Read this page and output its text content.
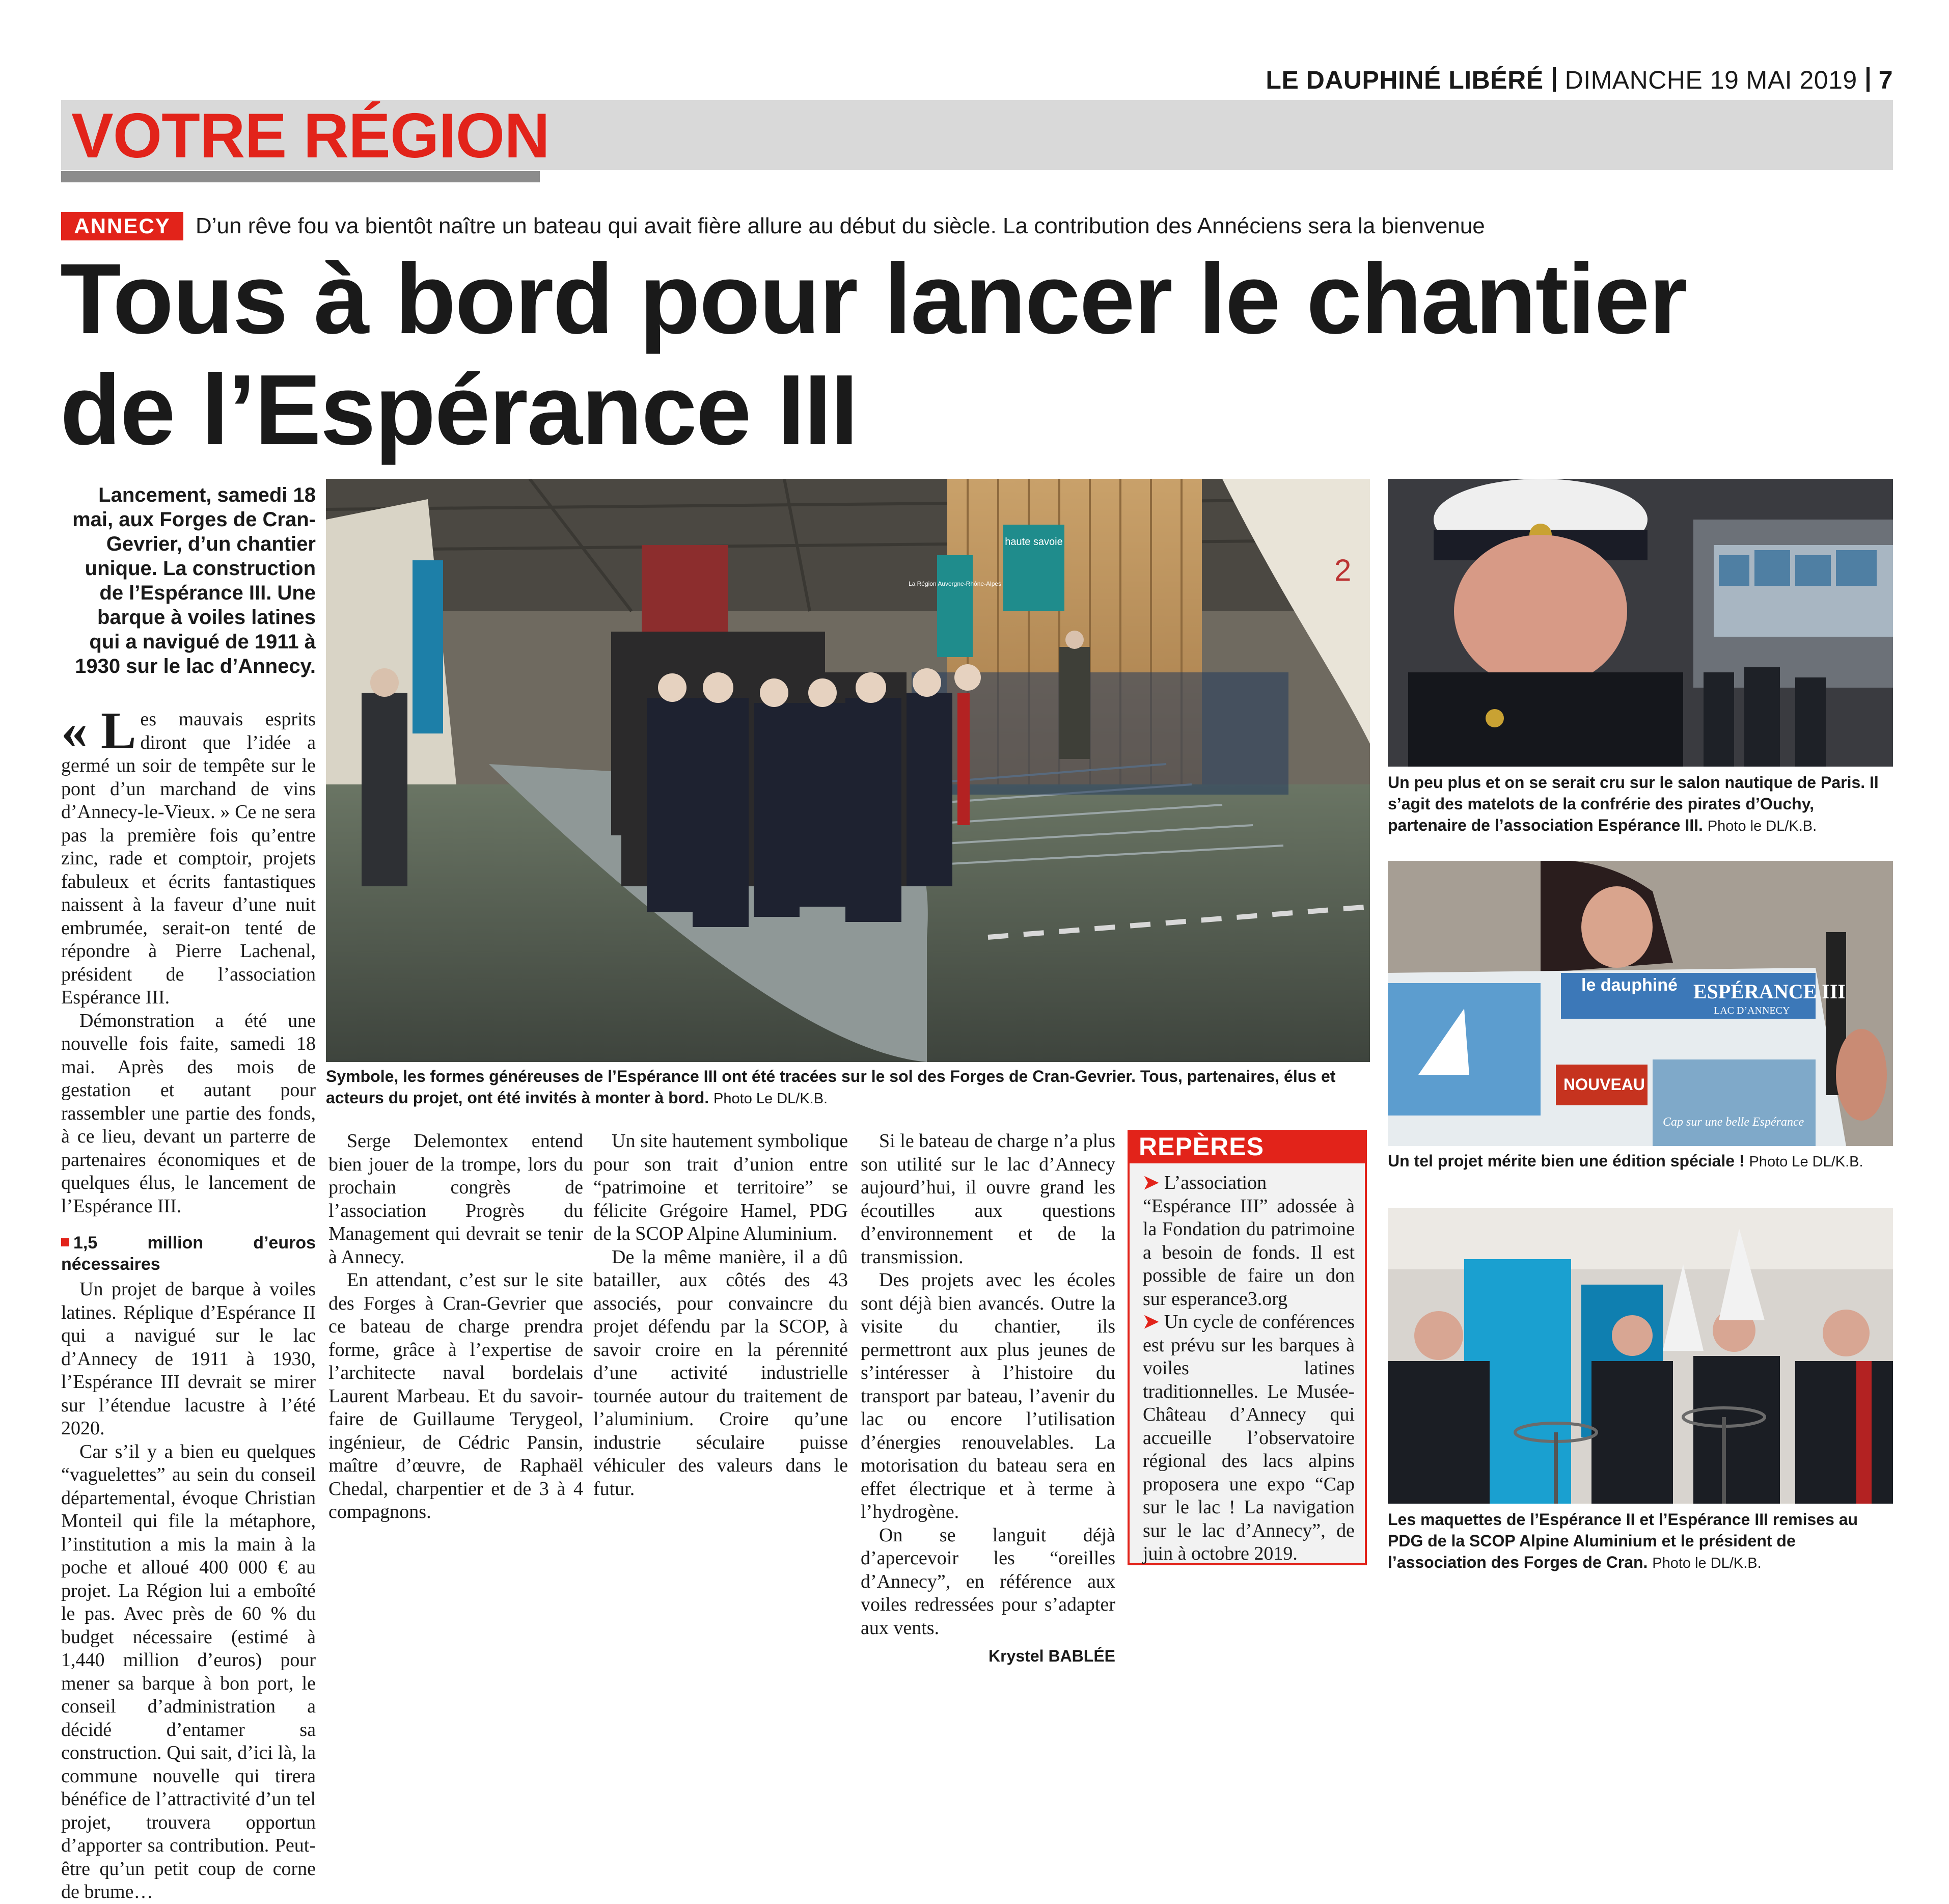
LE DAUPHINÉ LIBÉRÉ DIMANCHE 19 MAI 2019 7
VOTRE RÉGION
ANNECY	D’un rêve fou va bientôt naître un bateau qui avait fière allure au début du siècle. La contribution des Annéciens sera la bienvenue
Tous à bord pour lancer le chantier
de l’Espérance III
Lancement, samedi 18 mai, aux Forges de Cran-Gevrier, d’un chantier unique. La construction de l’Espérance III. Une barque à voiles latines qui a navigué de 1911 à 1930 sur le lac d’Annecy.

« L es mauvais esprits diront que l’idée a germé un soir de tempête sur le pont d’un marchand de vins d’Annecy-le-Vieux. » Ce ne sera pas la première fois qu’entre zinc, rade et comptoir, projets fabuleux et écrits fantastiques naissent à la faveur d’une nuit embrumée, serait-on tenté de répondre à Pierre Lachenal, président de l’association Espérance III.

Démonstration a été une nouvelle fois faite, samedi 18 mai. Après des mois de gestation et autant pour rassembler une partie des fonds, à ce lieu, devant un parterre de partenaires économiques et de quelques élus, le lancement de l’Espérance III.

1,5 million d’euros nécessaires

Un projet de barque à voiles latines. Réplique d’Espérance II qui a navigué sur le lac d’Annecy de 1911 à 1930, l’Espérance III devrait se mirer sur l’étendue lacustre à l’été 2020.

Car s’il y a bien eu quelques “vaguelettes” au sein du conseil départemental, évoque Christian Monteil qui file la métaphore, l’institution a mis la main à la poche et alloué 400 000 € au projet. La Région lui a emboîté le pas. Avec près de 60 % du budget nécessaire (estimé à 1,440 million d’euros) pour mener sa barque à bon port, le conseil d’administration a décidé d’entamer sa construction. Qui sait, d’ici là, la commune nouvelle qui tirera bénéfice de l’attractivité d’un tel projet, trouvera opportun d’apporter sa contribution. Peut-être qu’un petit coup de corne de brume…

Serge Delemontex entend bien jouer de la trompe, lors du prochain congrès de l’association Progrès du Management qui devrait se tenir à Annecy.

En attendant, c’est sur le site des Forges à Cran-Gevrier que ce bateau de charge prendra forme, grâce à l’expertise de l’architecte naval bordelais Laurent Marbeau. Et du savoir-faire de Guillaume Terygeol, ingénieur, de Cédric Pansin, maître d’œuvre, de Raphaël Chedal, charpentier et de 3 à 4 compagnons.

Un site hautement symbolique pour son trait d’union entre “patrimoine et territoire” se félicite Grégoire Hamel, PDG de la SCOP Alpine Aluminium.

De la même manière, il a dû batailler, aux côtés des 43 associés, pour convaincre du projet défendu par la SCOP, à savoir croire en la pérennité d’une activité industrielle tournée autour du traitement de l’aluminium. Croire qu’une industrie séculaire puisse véhiculer des valeurs dans le futur.

Si le bateau de charge n’a plus son utilité sur le lac d’Annecy aujourd’hui, il ouvre grand les écoutilles aux questions d’environnement et de la transmission.

Des projets avec les écoles sont déjà bien avancés. Outre la visite du chantier, ils permettront aux plus jeunes de s’intéresser à l’histoire du transport par bateau, l’avenir du lac ou encore l’utilisation d’énergies renouvelables. La motorisation du bateau sera en effet électrique et à terme à l’hydrogène.

On se languit déjà d’apercevoir les “oreilles d’Annecy”, en référence aux voiles redressées pour s’adapter aux vents.

Krystel BABLÉE
REPÈRES

➤ L’association “Espérance III” adossée à la Fondation du patrimoine a besoin de fonds. Il est possible de faire un don sur esperance3.org

➤ Un cycle de conférences est prévu sur les barques à voiles latines traditionnelles. Le Musée-Château d’Annecy qui accueille l’observatoire régional des lacs alpins proposera une expo “Cap sur le lac ! La navigation sur le lac d’Annecy”, de juin à octobre 2019.

haute savoie
La Région Auvergne-Rhône-Alpes	2
Symbole, les formes généreuses de l’Espérance III ont été tracées sur le sol des Forges de Cran-Gevrier. Tous, partenaires, élus et acteurs du projet, ont été invités à monter à bord. Photo Le DL/K.B.
Un peu plus et on se serait cru sur le salon nautique de Paris. Il s’agit des matelots de la confrérie des pirates d’Ouchy, partenaire de l’association Espérance III. Photo le DL/K.B.
le dauphiné ESPÉRANCE III
LAC D’ANNECY
NOUVEAU
Cap sur une belle Espérance
Un tel projet mérite bien une édition spéciale ! Photo Le DL/K.B.
Les maquettes de l’Espérance II et l’Espérance III remises au PDG de la SCOP Alpine Aluminium et le président de l’association des Forges de Cran. Photo le DL/K.B.
